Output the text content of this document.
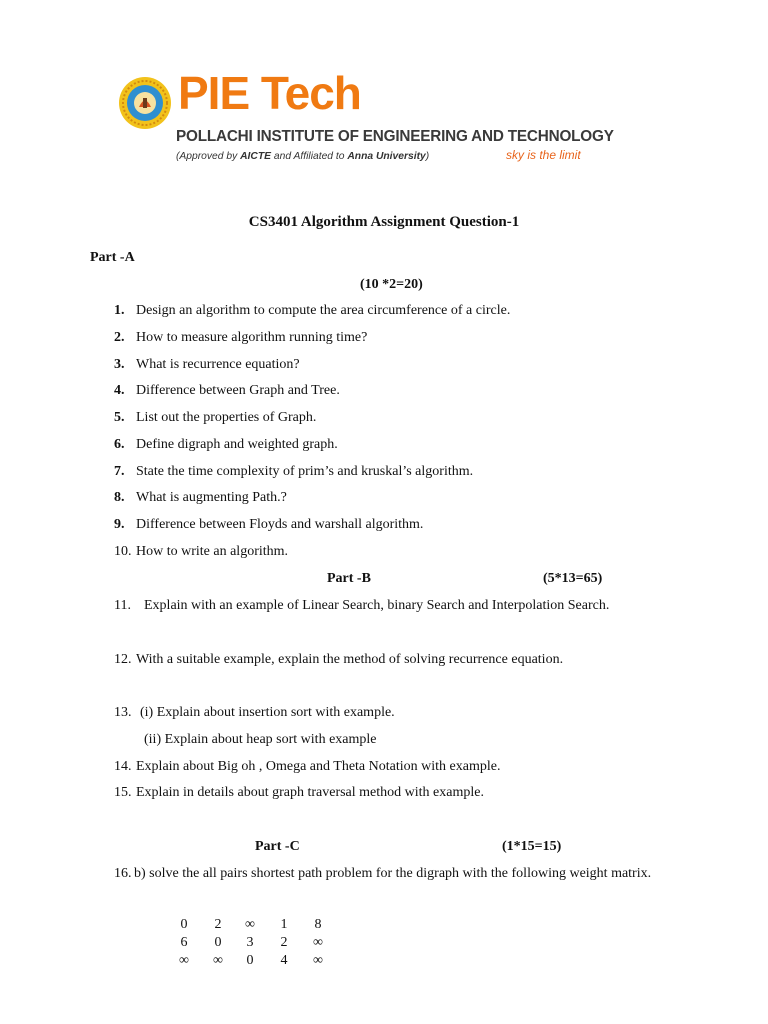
PIE Tech
POLLACHI INSTITUTE OF ENGINEERING AND TECHNOLOGY
(Approved by AICTE and Affiliated to Anna University)	sky is the limit
CS3401 Algorithm Assignment Question-1
Part -A
(10 *2=20)
1. Design an algorithm to compute the area circumference of a circle.
2. How to measure algorithm running time?
3. What is recurrence equation?
4. Difference between Graph and Tree.
5. List out the properties of Graph.
6. Define digraph and weighted graph.
7. State the time complexity of prim’s and kruskal’s algorithm.
8. What is augmenting Path.?
9. Difference between Floyds and warshall algorithm.
10. How to write an algorithm.
Part -B	(5*13=65)
11. Explain with an example of Linear Search, binary Search and Interpolation Search.
12. With a suitable example, explain the method of solving recurrence equation.
13. (i) Explain about insertion sort with example.
(ii) Explain about heap sort with example
14. Explain about Big oh , Omega and Theta Notation with example.
15. Explain in details about graph traversal method with example.
Part -C	(1*15=15)
16. b) solve the all pairs shortest path problem for the digraph with the following weight matrix.
0	2	∞	1	8
6	0	3	2	∞
∞	∞	0	4	∞
